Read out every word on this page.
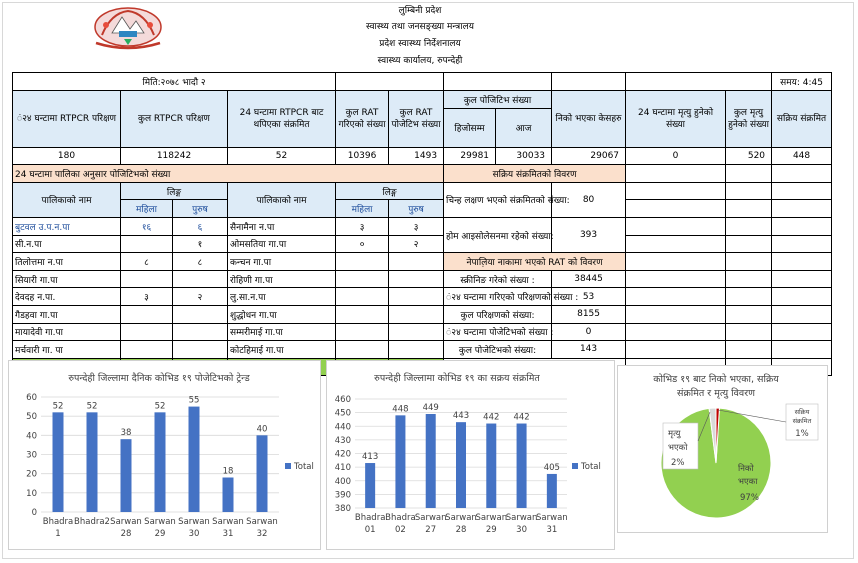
लुम्बिनी प्रदेश
स्वास्थ्य तथा जनसङ्ख्या मन्त्रालय
प्रदेश स्वास्थ्य निर्देशनालय
स्वास्थ्य कार्यालय, रुपन्देही
मिति:२०७८ भादौ २											समय: 4:45
ं२४ घन्टामा RTPCR परिक्षण	कुल RTPCR परिक्षण		24 घन्टामा RTPCR बाट थपिएका संक्रमित	कुल RAT गरिएको संख्या	कुल RAT पोजेटिभ संख्या	कुल पोजिटिभ संख्या		निको भएका केसहरु	24 घन्टामा मृत्यु हुनेको संख्या	कुल मृत्यु हुनेको संख्या	सक्रिय संक्रमित
						हिजोसम्म	आज				
180	118242		52	10396	1493	29981	30033	29067	0	520	448
24 घन्टामा पालिका अनुसार पोजिटिभको संख्या						सक्रिय संक्रमितको विवरण					
पालिकाको नाम	लिङ्ग		पालिकाको नाम	लिङ्ग		चिन्ह लक्षण भएको संक्रमितको संख्या:		80			
	महिला	पुरुष		महिला	पुरुष						
बुटवल उ.प.न.पा	१६	६	सैनामैना न.पा	३	३	होम आइसोलेसनमा रहेको संख्या:		393			
सी.न.पा		१	ओमसतिया गा.पा	०	२						
तिलोत्तमा न.पा	८	८	कन्चन गा.पा			नेपाल़िया नाकामा भएको RAT को विवरण					
सियारी गा.पा			रोहिणी गा.पा			स्क्रीनिङ गरेको संख्या :		38445			
देवदह न.पा.	३	२	लु.सा.न.पा			ं२४ घन्टामा गरिएको परिक्षणको संख्या :		53			
गैडहवा गा.पा			शुद्धोधन गा.पा			कुल परिक्षणको संख्या:		8155			
मायादेवी गा.पा			सम्मरीमाई गा.पा			ं२४ घन्टामा पोजेटिभको संख्या :		0			
मर्चवारी गा. पा			कोटहिमाई गा.पा			कुल पोजेटिभको संख्या:		143			

रुपन्देही जिल्लामा दैनिक कोभिड १९ पोजेटिभको ट्रेन्ड
0
10
20
30
40
50
60
52
Bhadra
1
52
Bhadra2
38
Sarwan
28
52
Sarwan
29
55
Sarwan
30
18
Sarwan
31
40
Sarwan
32
Total
रुपन्देही जिल्लामा कोभिड १९ का सक्रय संक्रमित
380
390
400
410
420
430
440
450
460
413
Bhadra
01
448
Bhadra
02
449
Sarwan
27
443
Sarwan
28
442
Sarwan
29
442
Sarwan
30
405
Sarwan
31
Total
कोभिड १९ बाट निको भएका, सक्रिय
संक्रमित र मृत्यु विवरण
निको
भएका
97%
मृत्यु
भएको
2%
सक्रिय
संक्रमित
1%
